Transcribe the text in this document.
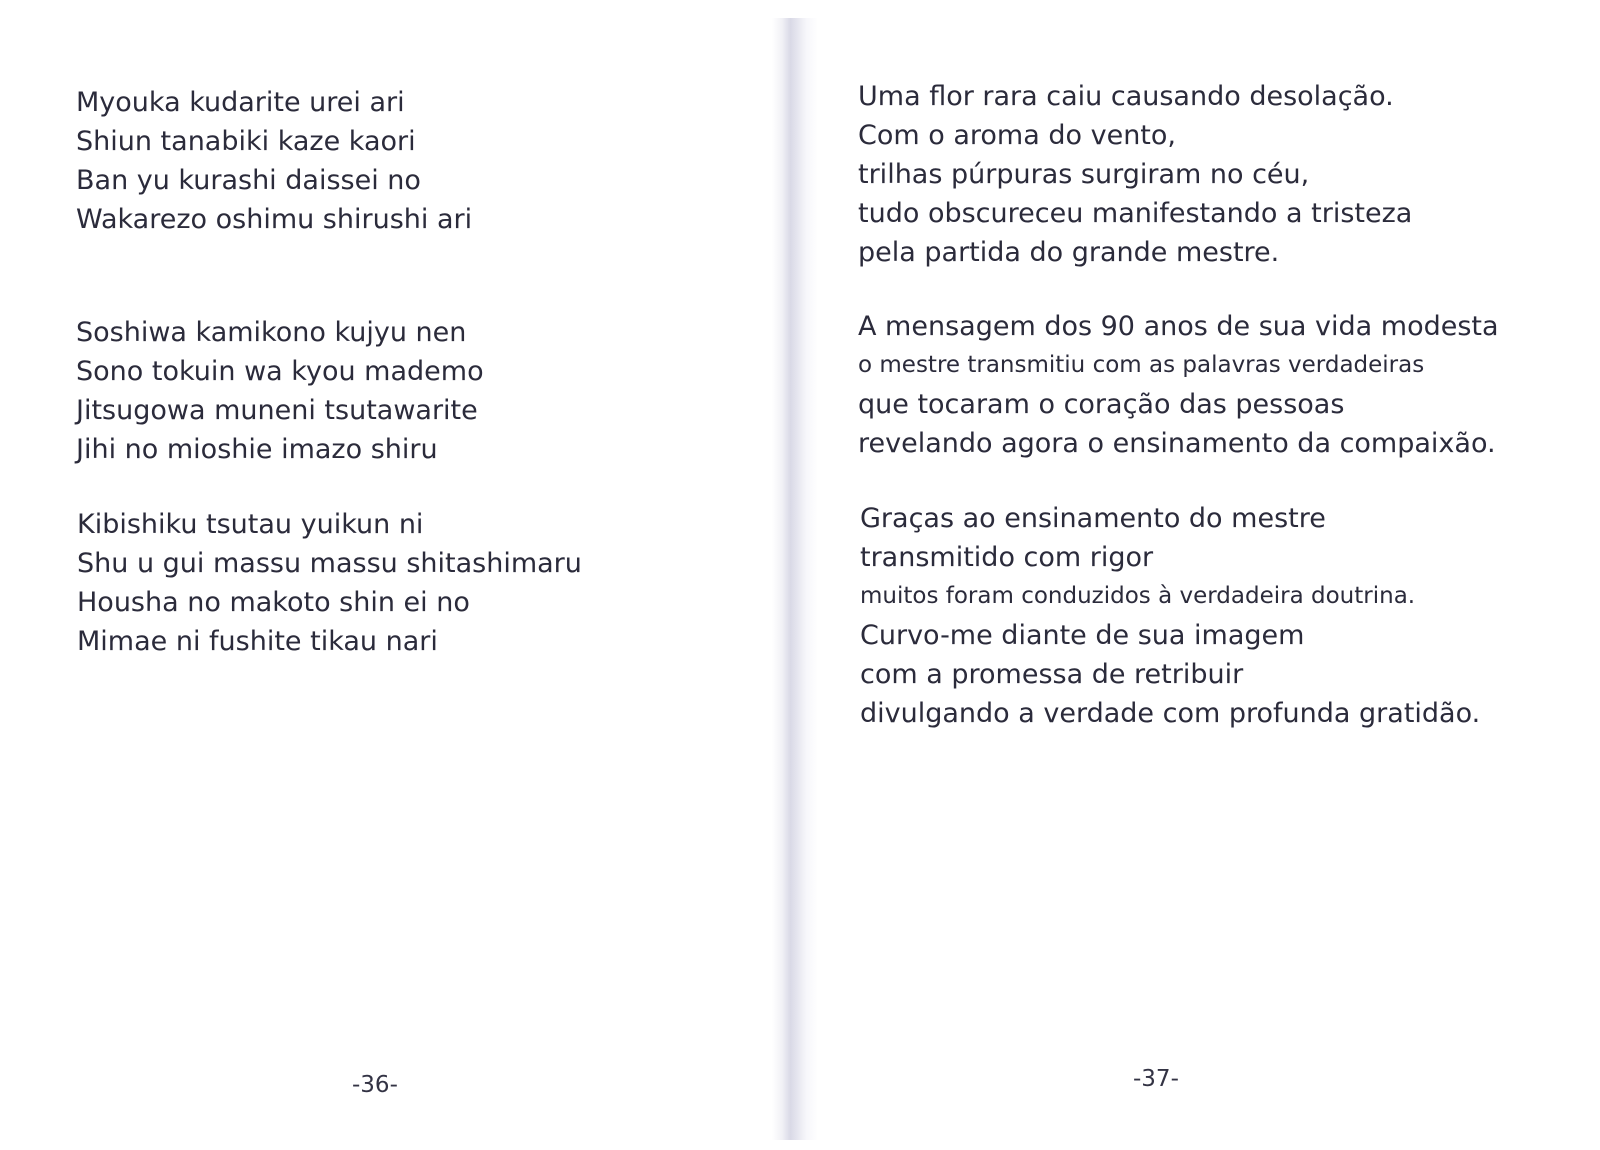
Myouka kudarite urei ari
Shiun tanabiki kaze kaori
Ban yu kurashi daissei no
Wakarezo oshimu shirushi ari
Soshiwa kamikono kujyu nen
Sono tokuin wa kyou mademo
Jitsugowa muneni tsutawarite
Jihi no mioshie imazo shiru
Kibishiku tsutau yuikun ni
Shu u gui massu massu shitashimaru
Housha no makoto shin ei no
Mimae ni fushite tikau nari
-36-
Uma flor rara caiu causando desolação.
Com o aroma do vento,
trilhas púrpuras surgiram no céu,
tudo obscureceu manifestando a tristeza
pela partida do grande mestre.
A mensagem dos 90 anos de sua vida modesta
o mestre transmitiu com as palavras verdadeiras
que tocaram o coração das pessoas
revelando agora o ensinamento da compaixão.
Graças ao ensinamento do mestre
transmitido com rigor
muitos foram conduzidos à verdadeira doutrina.
Curvo-me diante de sua imagem
com a promessa de retribuir
divulgando a verdade com profunda gratidão.
-37-
